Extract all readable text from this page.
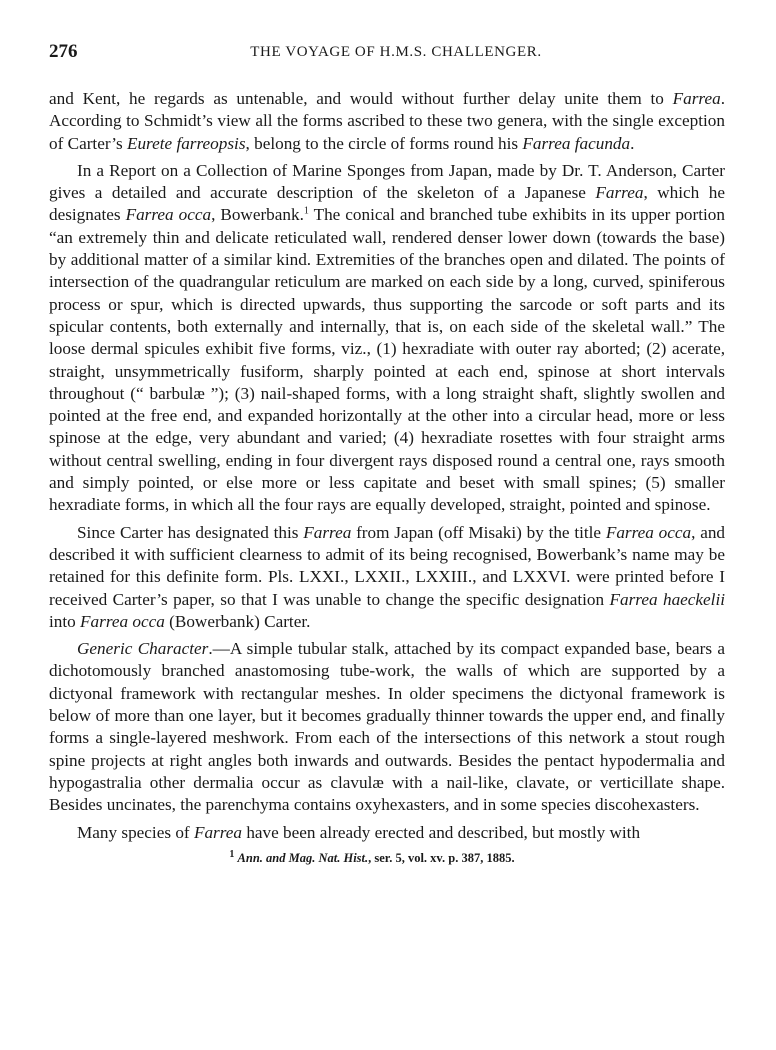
276	THE VOYAGE OF H.M.S. CHALLENGER.

and Kent, he regards as untenable, and would without further delay unite them to Farrea. According to Schmidt’s view all the forms ascribed to these two genera, with the single exception of Carter’s Eurete farreopsis, belong to the circle of forms round his Farrea facunda.

In a Report on a Collection of Marine Sponges from Japan, made by Dr. T. Anderson, Carter gives a detailed and accurate description of the skeleton of a Japanese Farrea, which he designates Farrea occa, Bowerbank.$^1$ The conical and branched tube exhibits in its upper portion “an extremely thin and delicate reticulated wall, rendered denser lower down (towards the base) by additional matter of a similar kind. Extremities of the branches open and dilated. The points of intersection of the quadrangular reticulum are marked on each side by a long, curved, spiniferous process or spur, which is directed upwards, thus supporting the sarcode or soft parts and its spicular contents, both externally and internally, that is, on each side of the skeletal wall.” The loose dermal spicules exhibit five forms, viz., (1) hexradiate with outer ray aborted; (2) acerate, straight, unsymmetrically fusiform, sharply pointed at each end, spinose at short intervals throughout (“ barbulæ ”); (3) nail-shaped forms, with a long straight shaft, slightly swollen and pointed at the free end, and expanded horizontally at the other into a circular head, more or less spinose at the edge, very abundant and varied; (4) hexradiate rosettes with four straight arms without central swelling, ending in four divergent rays disposed round a central one, rays smooth and simply pointed, or else more or less capitate and beset with small spines; (5) smaller hexradiate forms, in which all the four rays are equally developed, straight, pointed and spinose.

Since Carter has designated this Farrea from Japan (off Misaki) by the title Farrea occa, and described it with sufficient clearness to admit of its being recognised, Bowerbank’s name may be retained for this definite form. Pls. LXXI., LXXII., LXXIII., and LXXVI. were printed before I received Carter’s paper, so that I was unable to change the specific designation Farrea haeckelii into Farrea occa (Bowerbank) Carter.

Generic Character.—A simple tubular stalk, attached by its compact expanded base, bears a dichotomously branched anastomosing tube-work, the walls of which are supported by a dictyonal framework with rectangular meshes. In older specimens the dictyonal framework is below of more than one layer, but it becomes gradually thinner towards the upper end, and finally forms a single-layered meshwork. From each of the intersections of this network a stout rough spine projects at right angles both inwards and outwards. Besides the pentact hypodermalia and hypogastralia other dermalia occur as clavulæ with a nail-like, clavate, or verticillate shape. Besides uncinates, the parenchyma contains oxyhexasters, and in some species discohexasters.

Many species of Farrea have been already erected and described, but mostly with

$^1$ Ann. and Mag. Nat. Hist., ser. 5, vol. xv. p. 387, 1885.
